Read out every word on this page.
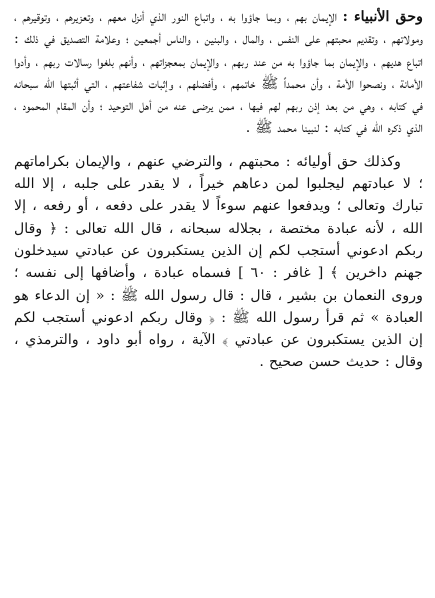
وحق الأنبياء : الإيمان بهم ، وبما جاؤوا به ، واتباع النور الذي أنزل معهم ، وتعزيرهم ، وتوقيرهم ، ومولاتهم ، وتقديم محبتهم على النفس ، والمال ، والبنين ، والناس أجمعين ؛ وعلامة التصديق في ذلك : اتباع هديهم ، والإيمان بما جاؤوا به من عند ربهم ، والإيمان بمعجزاتهم ، وأنهم بلغوا رسالات ربهم ، وأدوا الأمانة ، ونصحوا الأمة ، وأن محمداً ﷺ خاتمهم ، وأفضلهم ، وإثبات شفاعتهم ، التي أثبتها الله سبحانه في كتابه ، وهي من بعد إذن ربهم لهم فيها ، ممن يرضى عنه من أهل التوحيد ؛ وأن المقام المحمود ، الذي ذكره الله في كتابه : لنبينا محمد ﷺ .

وكذلك حق أوليائه : محبتهم ، والترضي عنهم ، والإيمان بكراماتهم ؛ لا عبادتهم ليجلبوا لمن دعاهم خيراً ، لا يقدر على جلبه ، إلا الله تبارك وتعالى ؛ ويدفعوا عنهم سوءاً لا يقدر على دفعه ، أو رفعه ، إلا الله ، لأنه عبادة مختصة ، بجلاله سبحانه ، قال الله تعالى : ﴿ وقال ربكم ادعوني أستجب لكم إن الذين يستكبرون عن عبادتي سيدخلون جهنم داخرين ﴾ [ غافر : ٦٠ ] فسماه عبادة ، وأضافها إلى نفسه ؛ وروى النعمان بن بشير ، قال : قال رسول الله ﷺ : « إن الدعاء هو العبادة » ثم قرأ رسول الله ﷺ : ﴿ وقال ربكم ادعوني أستجب لكم إن الذين يستكبرون عن عبادتي ﴾ الآية ، رواه أبو داود ، والترمذي ، وقال : حديث حسن صحيح .
